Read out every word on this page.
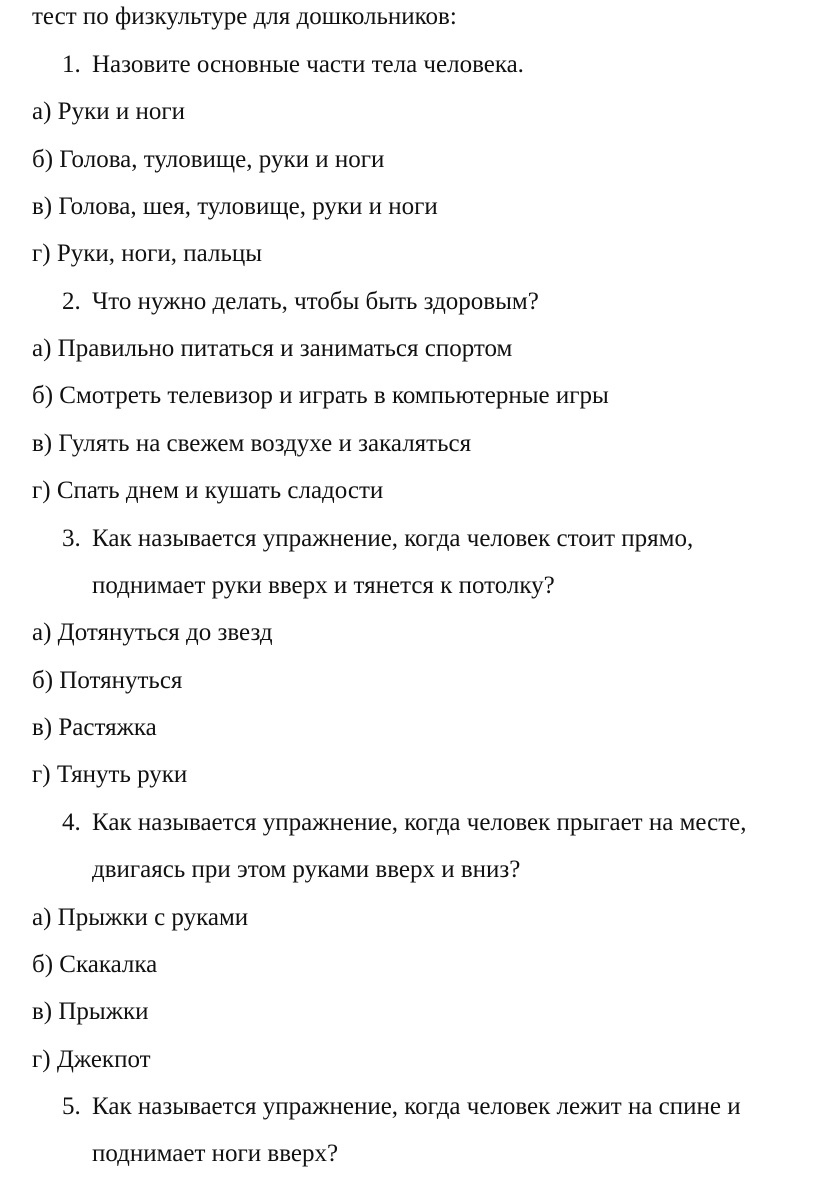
тест по физкультуре для дошкольников:
1. Назовите основные части тела человека.
а) Руки и ноги
б) Голова, туловище, руки и ноги
в) Голова, шея, туловище, руки и ноги
г) Руки, ноги, пальцы
2. Что нужно делать, чтобы быть здоровым?
а) Правильно питаться и заниматься спортом
б) Смотреть телевизор и играть в компьютерные игры
в) Гулять на свежем воздухе и закаляться
г) Спать днем и кушать сладости
3. Как называется упражнение, когда человек стоит прямо,
поднимает руки вверх и тянется к потолку?
а) Дотянуться до звезд
б) Потянуться
в) Растяжка
г) Тянуть руки
4. Как называется упражнение, когда человек прыгает на месте,
двигаясь при этом руками вверх и вниз?
а) Прыжки с руками
б) Скакалка
в) Прыжки
г) Джекпот
5. Как называется упражнение, когда человек лежит на спине и
поднимает ноги вверх?
